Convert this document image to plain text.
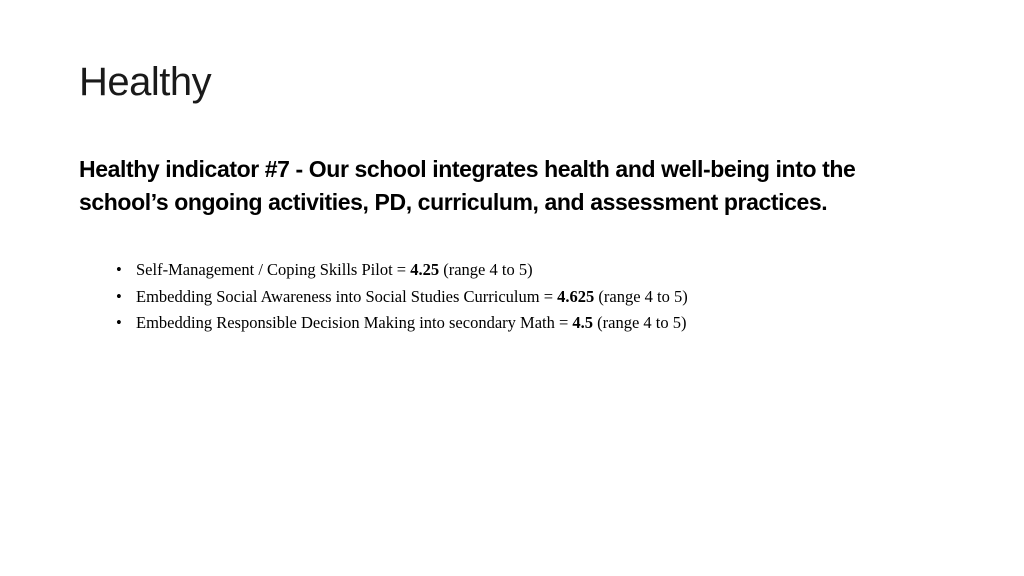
Healthy

Healthy indicator #7 - Our school integrates health and well-being into the school’s ongoing activities, PD, curriculum, and assessment practices.

• Self-Management / Coping Skills Pilot = 4.25 (range 4 to 5)
• Embedding Social Awareness into Social Studies Curriculum = 4.625 (range 4 to 5)
• Embedding Responsible Decision Making into secondary Math = 4.5 (range 4 to 5)
